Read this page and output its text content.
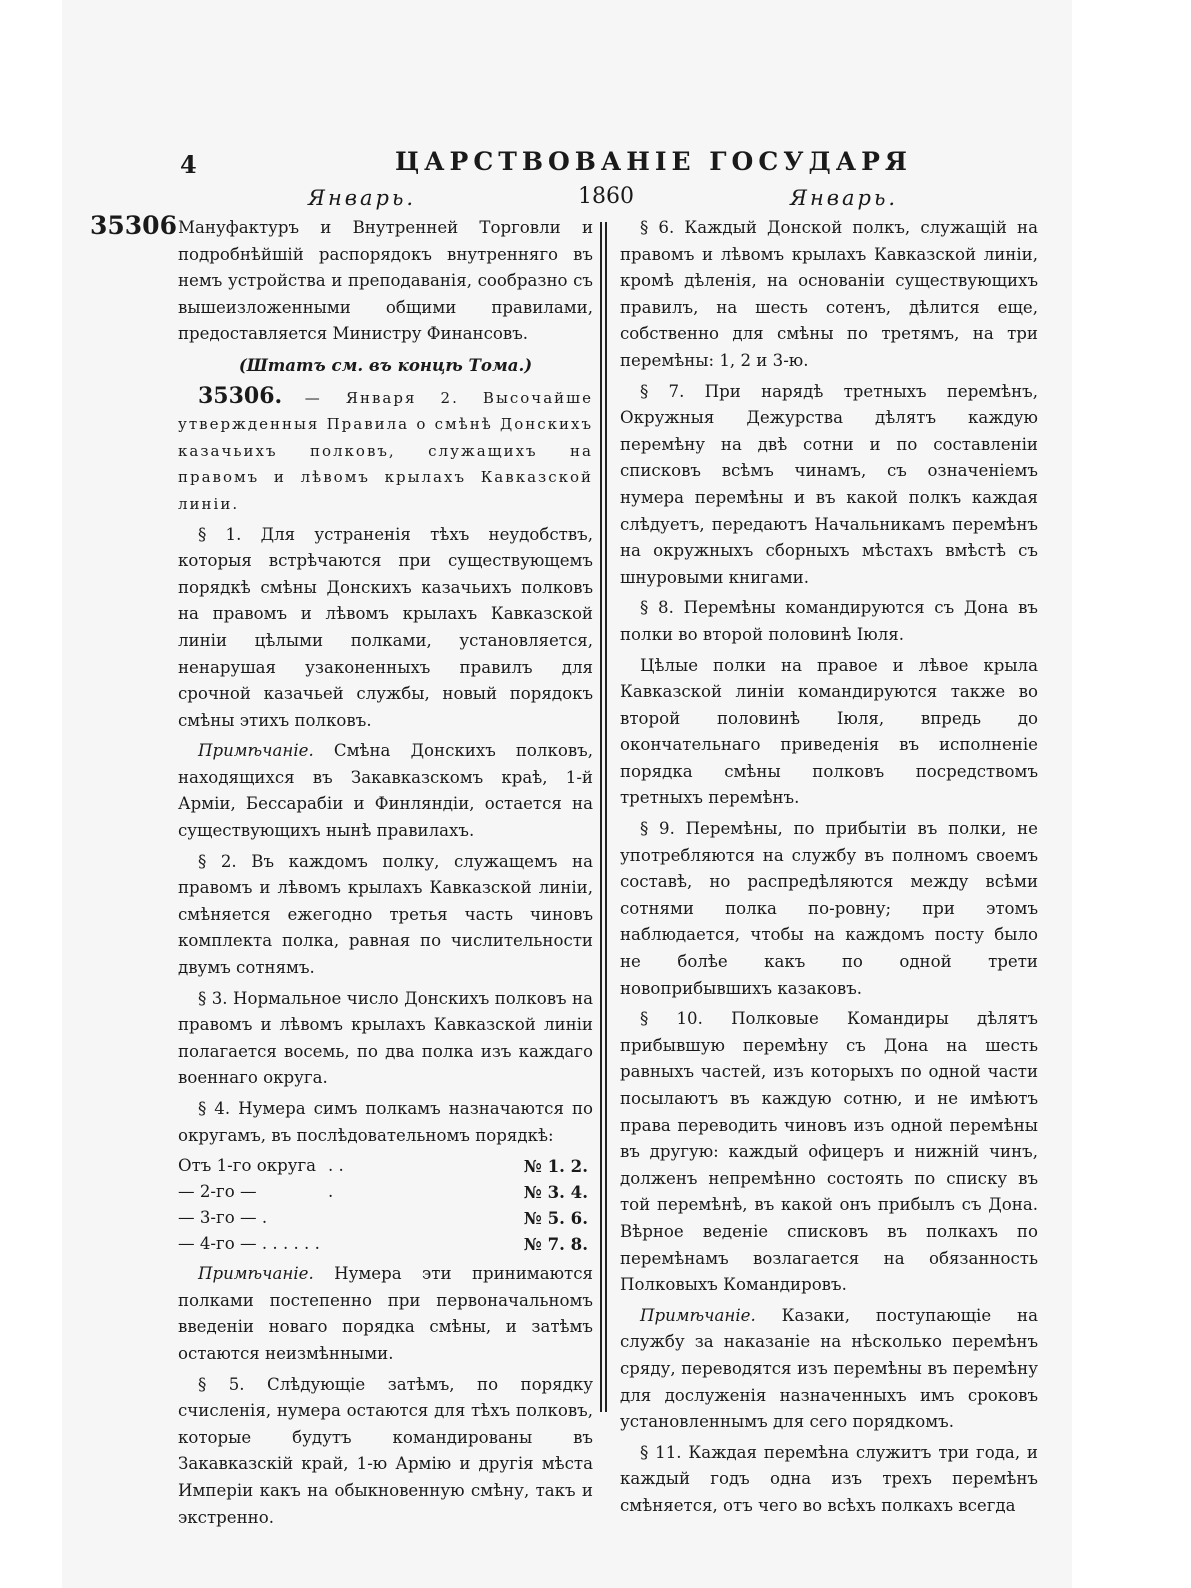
4	ЦАРСТВОВАНІЕ ГОСУДАРЯ
Январь.	1860	Январь.
35306 Мануфактуръ и Внутренней Торговли и подробнѣйшій распорядокъ внутренняго въ немъ устройства и преподаванія, сообразно съ вышеизложенными общими правилами, предоставляется Министру Финансовъ.

(Штатъ см. въ концѣ Тома.)

35306. — Января 2. Высочайше утвержденныя Правила о смѣнѣ Донскихъ казачьихъ полковъ, служащихъ на правомъ и лѣвомъ крылахъ Кавказской линіи.

§ 1. Для устраненія тѣхъ неудобствъ, которыя встрѣчаются при существующемъ порядкѣ смѣны Донскихъ казачьихъ полковъ на правомъ и лѣвомъ крылахъ Кавказской линіи цѣлыми полками, установляется, ненарушая узаконенныхъ правилъ для срочной казачьей службы, новый порядокъ смѣны этихъ полковъ.

Примѣчаніе. Смѣна Донскихъ полковъ, находящихся въ Закавказскомъ краѣ, 1-й Арміи, Бессарабіи и Финляндіи, остается на существующихъ нынѣ правилахъ.

§ 2. Въ каждомъ полку, служащемъ на правомъ и лѣвомъ крылахъ Кавказской линіи, смѣняется ежегодно третья часть чиновъ комплекта полка, равная по числительности двумъ сотнямъ.

§ 3. Нормальное число Донскихъ полковъ на правомъ и лѣвомъ крылахъ Кавказской линіи полагается восемь, по два полка изъ каждаго военнаго округа.

§ 4. Нумера симъ полкамъ назначаются по округамъ, въ послѣдовательномъ порядкѣ:

Отъ 1-го округа . .	№ 1. 2.
— 2-го —	.	№ 3. 4.
— 3-го — .	№ 5. 6.
— 4-го — . . . . . .	№ 7. 8.

Примѣчаніе. Нумера эти принимаются полками постепенно при первоначальномъ введеніи новаго порядка смѣны, и затѣмъ остаются неизмѣнными.

§ 5. Слѣдующіе затѣмъ, по порядку счисленія, нумера остаются для тѣхъ полковъ, которые будутъ командированы въ Закавказскій край, 1-ю Армію и другія мѣста Имперіи какъ на обыкновенную смѣну, такъ и экстренно.

§ 6. Каждый Донской полкъ, служащій на правомъ и лѣвомъ крылахъ Кавказской линіи, кромѣ дѣленія, на основаніи существующихъ правилъ, на шесть сотенъ, дѣлится еще, собственно для смѣны по третямъ, на три перемѣны: 1, 2 и 3-ю.

§ 7. При нарядѣ третныхъ перемѣнъ, Окружныя Дежурства дѣлятъ каждую перемѣну на двѣ сотни и по составленіи списковъ всѣмъ чинамъ, съ означеніемъ нумера перемѣны и въ какой полкъ каждая слѣдуетъ, передаютъ Начальникамъ перемѣнъ на окружныхъ сборныхъ мѣстахъ вмѣстѣ съ шнуровыми книгами.

§ 8. Перемѣны командируются съ Дона въ полки во второй половинѣ Іюля.

Цѣлые полки на правое и лѣвое крыла Кавказской линіи командируются также во второй половинѣ Іюля, впредь до окончательнаго приведенія въ исполненіе порядка смѣны полковъ посредствомъ третныхъ перемѣнъ.

§ 9. Перемѣны, по прибытіи въ полки, не употребляются на службу въ полномъ своемъ составѣ, но распредѣляются между всѣми сотнями полка по-ровну; при этомъ наблюдается, чтобы на каждомъ посту было не болѣе какъ по одной трети новоприбывшихъ казаковъ.

§ 10. Полковые Командиры дѣлятъ прибывшую перемѣну съ Дона на шесть равныхъ частей, изъ которыхъ по одной части посылаютъ въ каждую сотню, и не имѣютъ права переводить чиновъ изъ одной перемѣны въ другую: каждый офицеръ и нижній чинъ, долженъ непремѣнно состоять по списку въ той перемѣнѣ, въ какой онъ прибылъ съ Дона. Вѣрное веденіе списковъ въ полкахъ по перемѣнамъ возлагается на обязанность Полковыхъ Командировъ.

Примѣчаніе. Казаки, поступающіе на службу за наказаніе на нѣсколько перемѣнъ сряду, переводятся изъ перемѣны въ перемѣну для дослуженія назначенныхъ имъ сроковъ установленнымъ для сего порядкомъ.

§ 11. Каждая перемѣна служитъ три года, и каждый годъ одна изъ трехъ перемѣнъ смѣняется, отъ чего во всѣхъ полкахъ всегда
